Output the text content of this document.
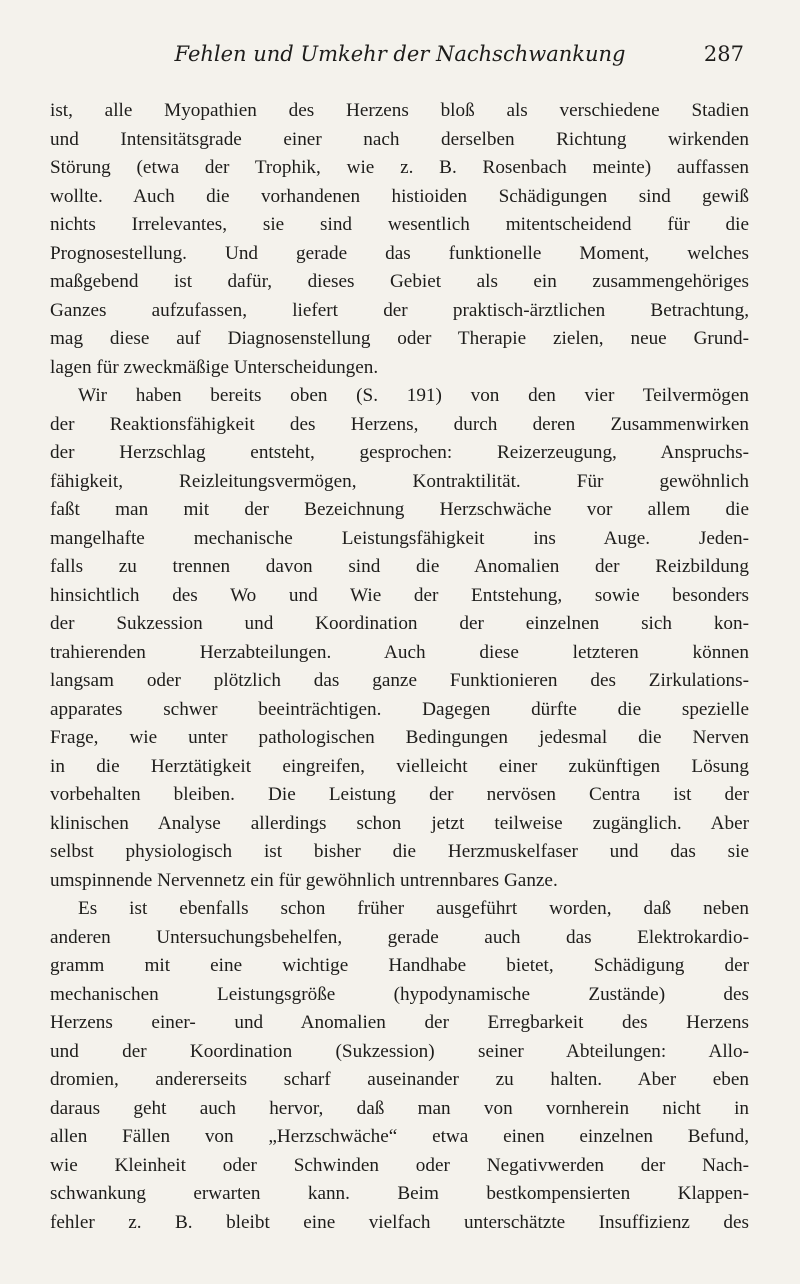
Fehlen und Umkehr der Nachschwankung	287
ist, alle Myopathien des Herzens bloß als verschiedene Stadien
und Intensitätsgrade einer nach derselben Richtung wirkenden
Störung (etwa der Trophik, wie z. B. Rosenbach meinte) auffassen
wollte. Auch die vorhandenen histioiden Schädigungen sind gewiß
nichts Irrelevantes, sie sind wesentlich mitentscheidend für die
Prognosestellung. Und gerade das funktionelle Moment, welches
maßgebend ist dafür, dieses Gebiet als ein zusammengehöriges
Ganzes aufzufassen, liefert der praktisch-ärztlichen Betrachtung,
mag diese auf Diagnosenstellung oder Therapie zielen, neue Grund-
lagen für zweckmäßige Unterscheidungen.
Wir haben bereits oben (S. 191) von den vier Teilvermögen
der Reaktionsfähigkeit des Herzens, durch deren Zusammenwirken
der Herzschlag entsteht, gesprochen: Reizerzeugung, Anspruchs-
fähigkeit, Reizleitungsvermögen, Kontraktilität. Für gewöhnlich
faßt man mit der Bezeichnung Herzschwäche vor allem die
mangelhafte mechanische Leistungsfähigkeit ins Auge. Jeden-
falls zu trennen davon sind die Anomalien der Reizbildung
hinsichtlich des Wo und Wie der Entstehung, sowie besonders
der Sukzession und Koordination der einzelnen sich kon-
trahierenden Herzabteilungen. Auch diese letzteren können
langsam oder plötzlich das ganze Funktionieren des Zirkulations-
apparates schwer beeinträchtigen. Dagegen dürfte die spezielle
Frage, wie unter pathologischen Bedingungen jedesmal die Nerven
in die Herztätigkeit eingreifen, vielleicht einer zukünftigen Lösung
vorbehalten bleiben. Die Leistung der nervösen Centra ist der
klinischen Analyse allerdings schon jetzt teilweise zugänglich. Aber
selbst physiologisch ist bisher die Herzmuskelfaser und das sie
umspinnende Nervennetz ein für gewöhnlich untrennbares Ganze.
Es ist ebenfalls schon früher ausgeführt worden, daß neben
anderen Untersuchungsbehelfen, gerade auch das Elektrokardio-
gramm mit eine wichtige Handhabe bietet, Schädigung der
mechanischen Leistungsgröße (hypodynamische Zustände) des
Herzens einer- und Anomalien der Erregbarkeit des Herzens
und der Koordination (Sukzession) seiner Abteilungen: Allo-
dromien, andererseits scharf auseinander zu halten. Aber eben
daraus geht auch hervor, daß man von vornherein nicht in
allen Fällen von „Herzschwäche“ etwa einen einzelnen Befund,
wie Kleinheit oder Schwinden oder Negativwerden der Nach-
schwankung erwarten kann. Beim bestkompensierten Klappen-
fehler z. B. bleibt eine vielfach unterschätzte Insuffizienz des
